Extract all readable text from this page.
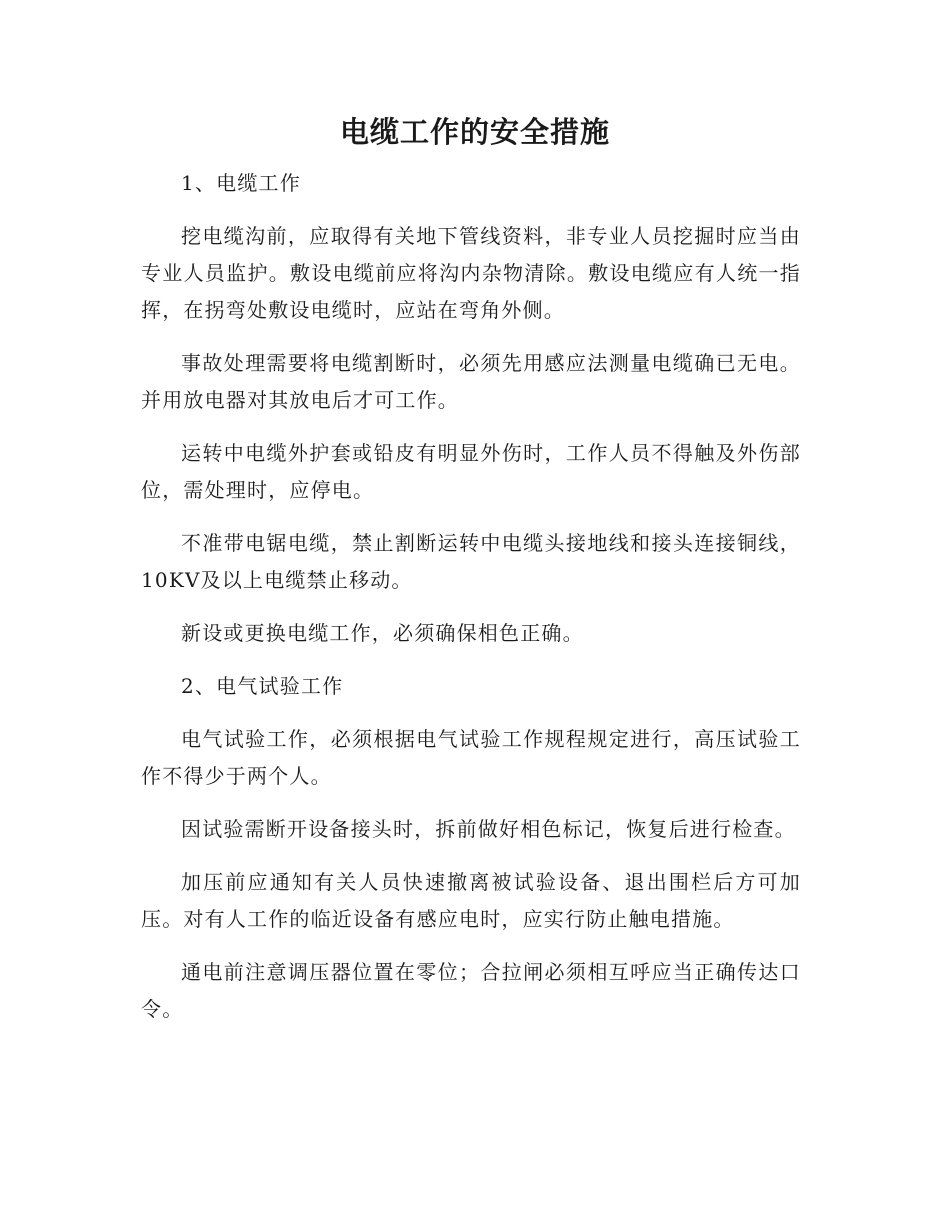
电缆工作的安全措施

1、电缆工作

挖电缆沟前，应取得有关地下管线资料，非专业人员挖掘时应当由专业人员监护。敷设电缆前应将沟内杂物清除。敷设电缆应有人统一指挥，在拐弯处敷设电缆时，应站在弯角外侧。

事故处理需要将电缆割断时，必须先用感应法测量电缆确已无电。并用放电器对其放电后才可工作。

运转中电缆外护套或铅皮有明显外伤时，工作人员不得触及外伤部位，需处理时，应停电。

不准带电锯电缆，禁止割断运转中电缆头接地线和接头连接铜线，10KV及以上电缆禁止移动。

新设或更换电缆工作，必须确保相色正确。

2、电气试验工作

电气试验工作，必须根据电气试验工作规程规定进行，高压试验工作不得少于两个人。

因试验需断开设备接头时，拆前做好相色标记，恢复后进行检查。

加压前应通知有关人员快速撤离被试验设备、退出围栏后方可加压。对有人工作的临近设备有感应电时，应实行防止触电措施。

通电前注意调压器位置在零位；合拉闸必须相互呼应当正确传达口令。
